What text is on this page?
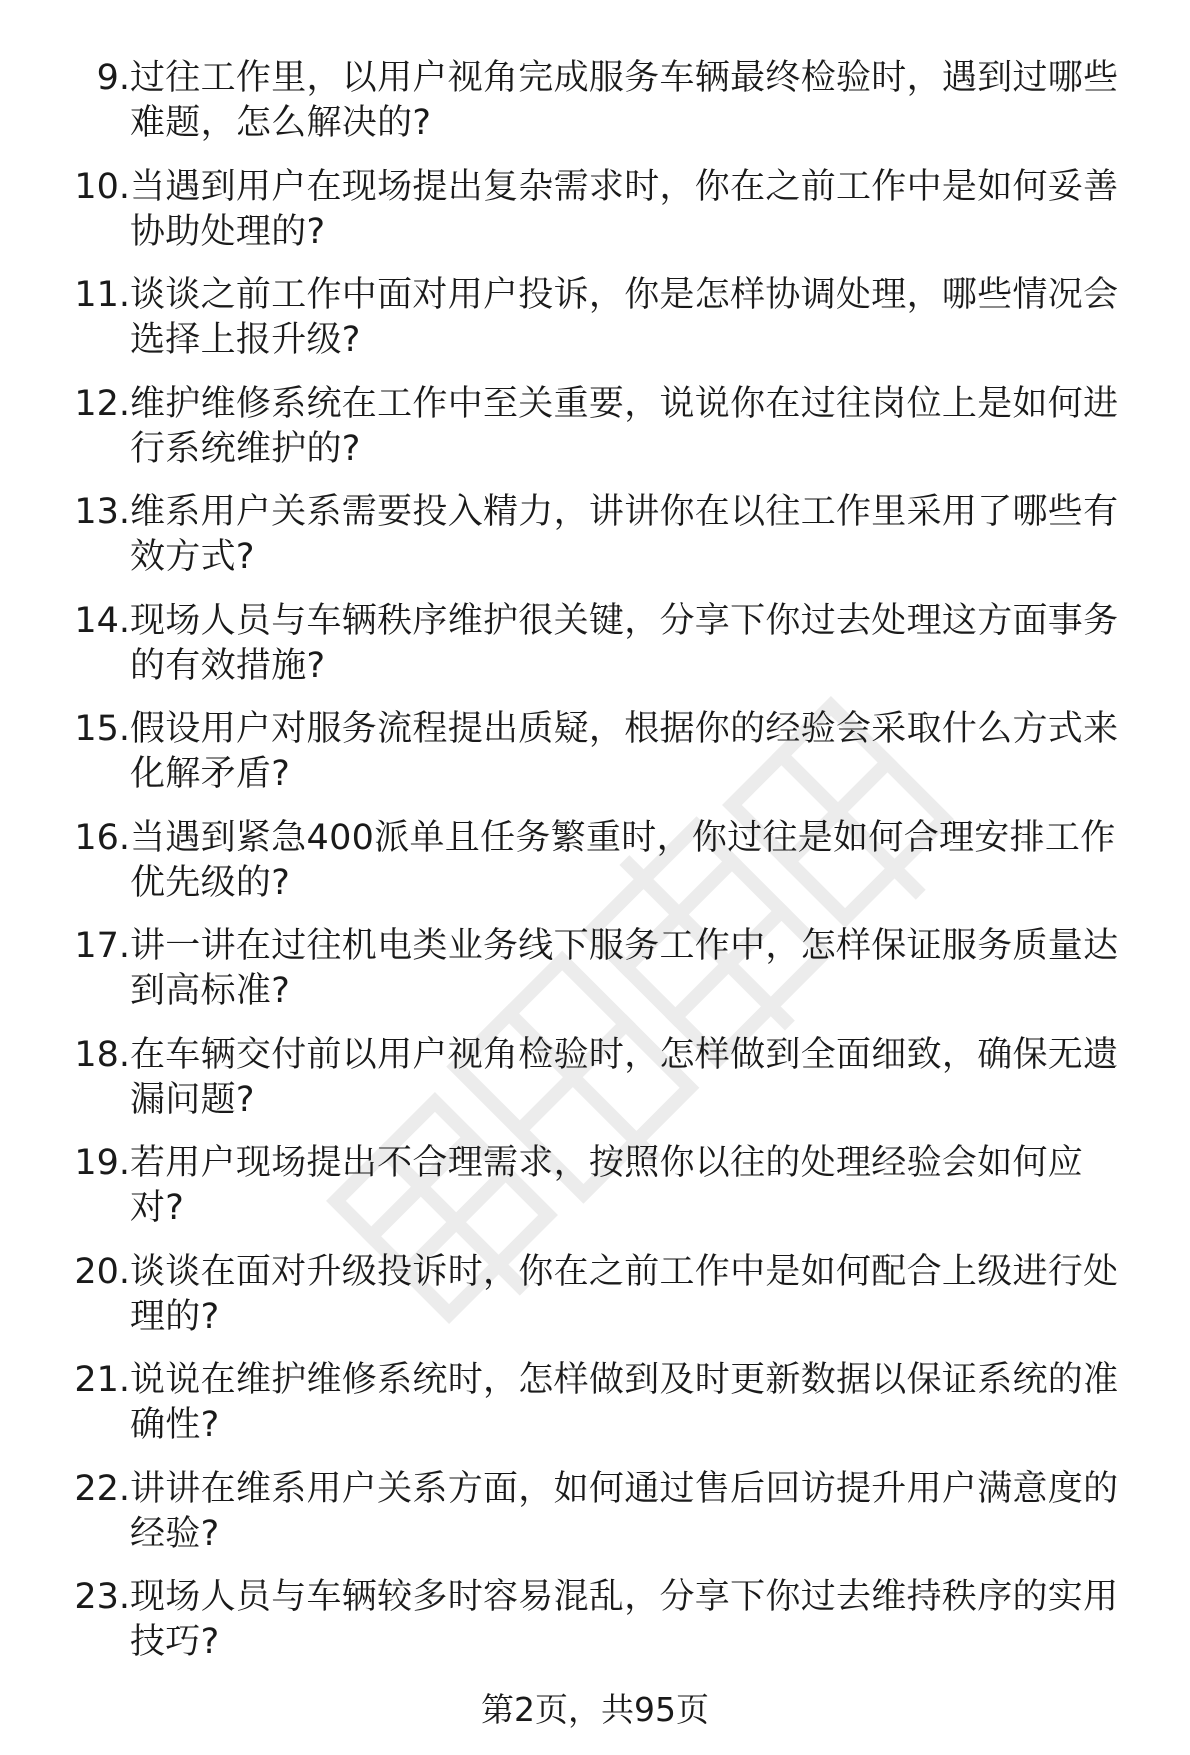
9. 过往工作里，以用户视角完成服务车辆最终检验时，遇到过哪些难题，怎么解决的?
10. 当遇到用户在现场提出复杂需求时，你在之前工作中是如何妥善协助处理的?
11. 谈谈之前工作中面对用户投诉，你是怎样协调处理，哪些情况会选择上报升级?
12. 维护维修系统在工作中至关重要，说说你在过往岗位上是如何进行系统维护的?
13. 维系用户关系需要投入精力，讲讲你在以往工作里采用了哪些有效方式?
14. 现场人员与车辆秩序维护很关键，分享下你过去处理这方面事务的有效措施?
15. 假设用户对服务流程提出质疑，根据你的经验会采取什么方式来化解矛盾?
16. 当遇到紧急400派单且任务繁重时，你过往是如何合理安排工作优先级的?
17. 讲一讲在过往机电类业务线下服务工作中，怎样保证服务质量达到高标准?
18. 在车辆交付前以用户视角检验时，怎样做到全面细致，确保无遗漏问题?
19. 若用户现场提出不合理需求，按照你以往的处理经验会如何应对?
20. 谈谈在面对升级投诉时，你在之前工作中是如何配合上级进行处理的?
21. 说说在维护维修系统时，怎样做到及时更新数据以保证系统的准确性?
22. 讲讲在维系用户关系方面，如何通过售后回访提升用户满意度的经验?
23. 现场人员与车辆较多时容易混乱，分享下你过去维持秩序的实用技巧?
第2页，共95页
